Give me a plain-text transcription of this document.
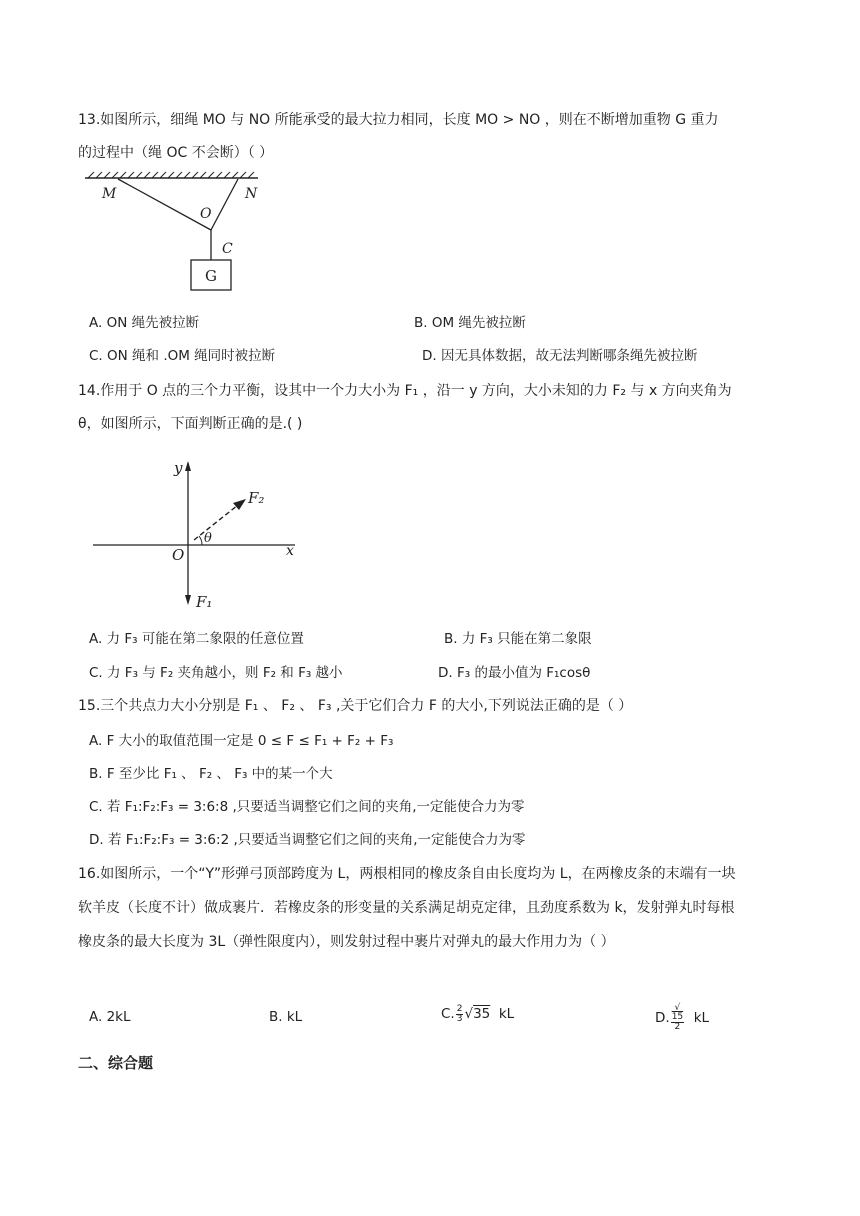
13.如图所示，细绳 MO 与 NO 所能承受的最大拉力相同，长度 MO > NO ，则在不断增加重物 G 重力
的过程中（绳 OC 不会断）（ ）
M	N
O
C
G
A. ON 绳先被拉断	B. OM 绳先被拉断
C. ON 绳和 .OM 绳同时被拉断	D. 因无具体数据，故无法判断哪条绳先被拉断
14.作用于 O 点的三个力平衡，设其中一个力大小为 F₁ ，沿一 y 方向，大小未知的力 F₂ 与 x 方向夹角为
θ，如图所示，下面判断正确的是.( )
y
x
O
F₂
F₁
θ
A. 力 F₃ 可能在第二象限的任意位置	B. 力 F₃ 只能在第二象限
C. 力 F₃ 与 F₂ 夹角越小，则 F₂ 和 F₃ 越小	D. F₃ 的最小值为 F₁cosθ
15.三个共点力大小分别是 F₁ 、 F₂ 、 F₃ ,关于它们合力 F 的大小,下列说法正确的是（ ）
A. F 大小的取值范围一定是 0 ≤ F ≤ F₁ + F₂ + F₃
B. F 至少比 F₁ 、 F₂ 、 F₃ 中的某一个大
C. 若 F₁:F₂:F₃ = 3:6:8 ,只要适当调整它们之间的夹角,一定能使合力为零
D. 若 F₁:F₂:F₃ = 3:6:2 ,只要适当调整它们之间的夹角,一定能使合力为零
16.如图所示，一个“Y”形弹弓顶部跨度为 L，两根相同的橡皮条自由长度均为 L，在两橡皮条的末端有一块
软羊皮（长度不计）做成裹片．若橡皮条的形变量的关系满足胡克定律，且劲度系数为 k，发射弹丸时每根
橡皮条的最大长度为 3L（弹性限度内），则发射过程中裹片对弹丸的最大作用力为（ ）
A. 2kL	B. kL	C. $\frac{2}{3} √35$ kL	D. √
15
2 kL
二、综合题
